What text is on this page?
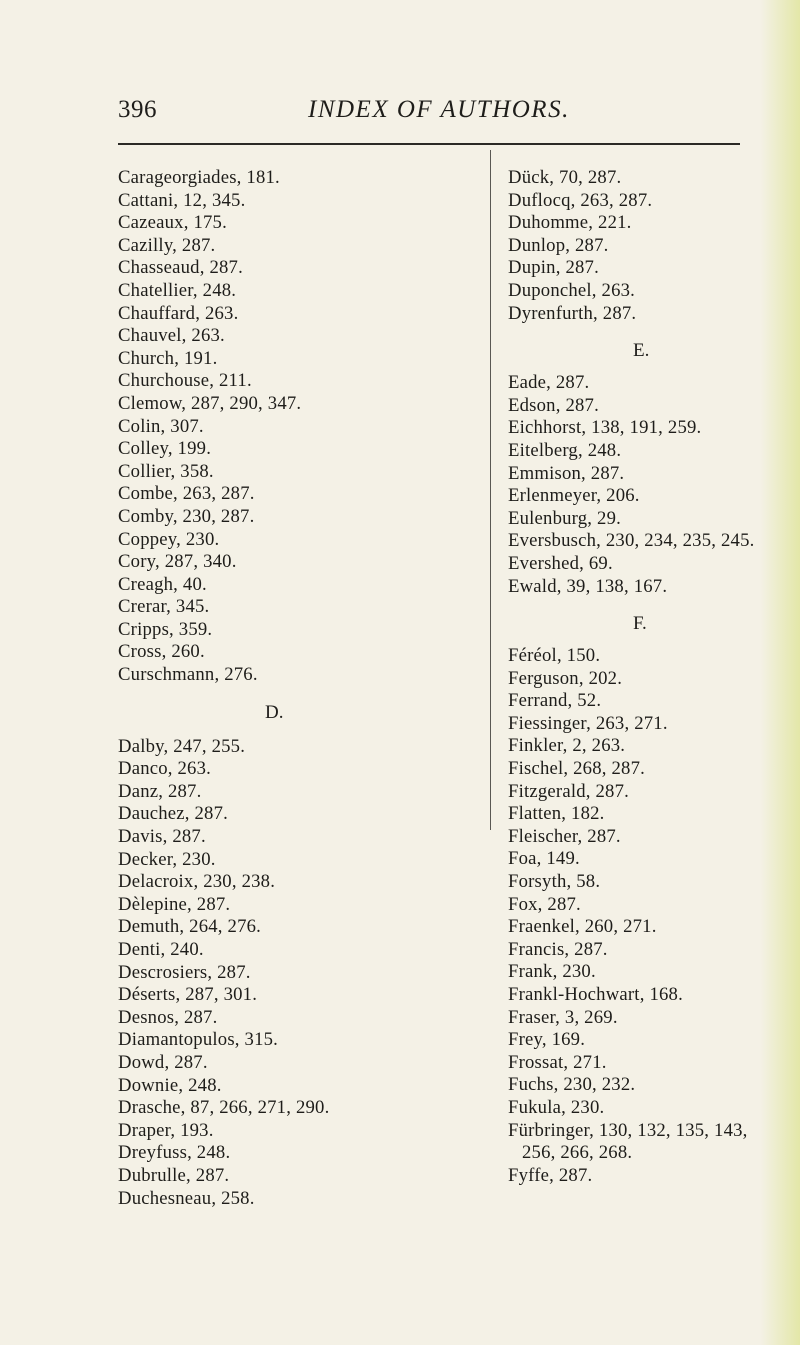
396	INDEX OF AUTHORS.
Carageorgiades, 181.
Cattani, 12, 345.
Cazeaux, 175.
Cazilly, 287.
Chasseaud, 287.
Chatellier, 248.
Chauffard, 263.
Chauvel, 263.
Church, 191.
Churchouse, 211.
Clemow, 287, 290, 347.
Colin, 307.
Colley, 199.
Collier, 358.
Combe, 263, 287.
Comby, 230, 287.
Coppey, 230.
Cory, 287, 340.
Creagh, 40.
Crerar, 345.
Cripps, 359.
Cross, 260.
Curschmann, 276.
D.
Dalby, 247, 255.
Danco, 263.
Danz, 287.
Dauchez, 287.
Davis, 287.
Decker, 230.
Delacroix, 230, 238.
Dèlepine, 287.
Demuth, 264, 276.
Denti, 240.
Descrosiers, 287.
Déserts, 287, 301.
Desnos, 287.
Diamantopulos, 315.
Dowd, 287.
Downie, 248.
Drasche, 87, 266, 271, 290.
Draper, 193.
Dreyfuss, 248.
Dubrulle, 287.
Duchesneau, 258.
Dück, 70, 287.
Duflocq, 263, 287.
Duhomme, 221.
Dunlop, 287.
Dupin, 287.
Duponchel, 263.
Dyrenfurth, 287.
E.
Eade, 287.
Edson, 287.
Eichhorst, 138, 191, 259.
Eitelberg, 248.
Emmison, 287.
Erlenmeyer, 206.
Eulenburg, 29.
Eversbusch, 230, 234, 235, 245.
Evershed, 69.
Ewald, 39, 138, 167.
F.
Féréol, 150.
Ferguson, 202.
Ferrand, 52.
Fiessinger, 263, 271.
Finkler, 2, 263.
Fischel, 268, 287.
Fitzgerald, 287.
Flatten, 182.
Fleischer, 287.
Foa, 149.
Forsyth, 58.
Fox, 287.
Fraenkel, 260, 271.
Francis, 287.
Frank, 230.
Frankl-Hochwart, 168.
Fraser, 3, 269.
Frey, 169.
Frossat, 271.
Fuchs, 230, 232.
Fukula, 230.
Fürbringer, 130, 132, 135, 143,
256, 266, 268.
Fyffe, 287.
